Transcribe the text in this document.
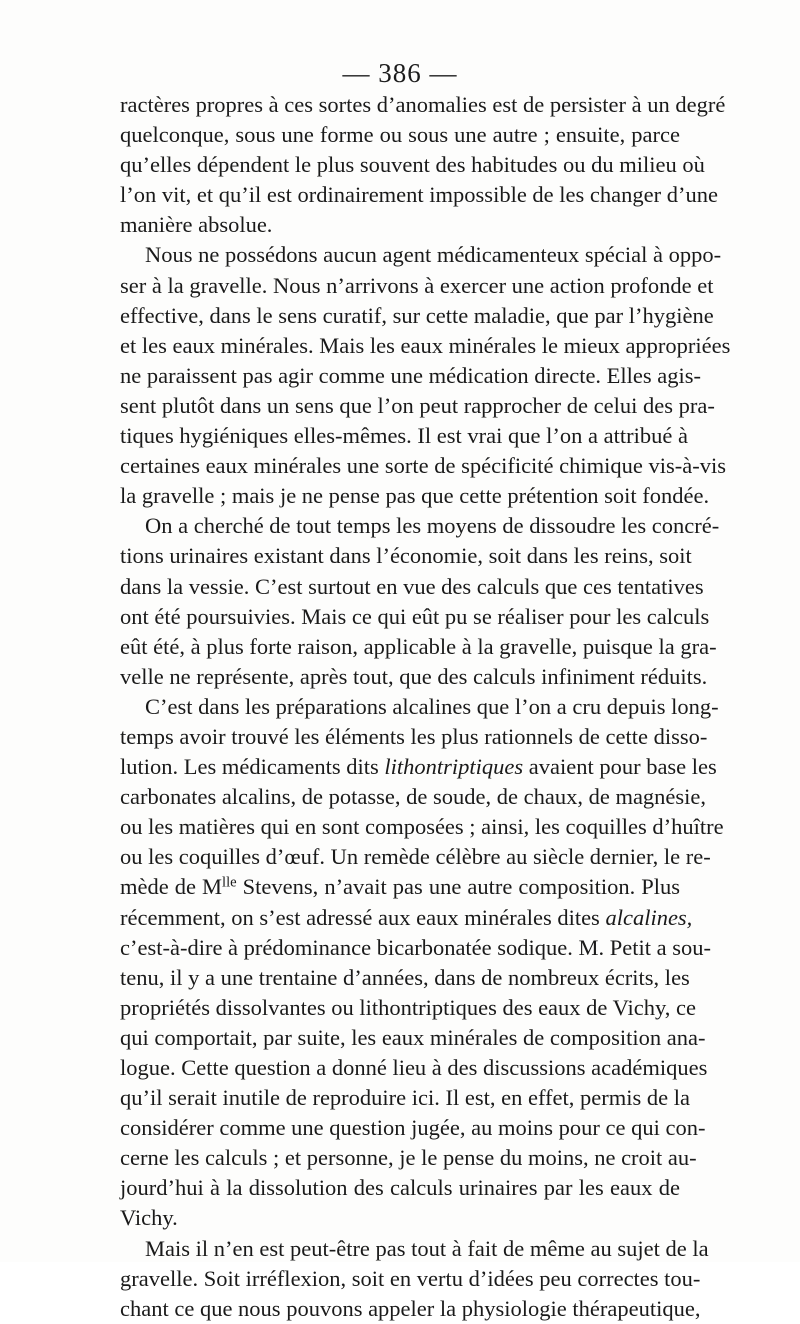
— 386 —
ractères propres à ces sortes d’anomalies est de persister à un degré
quelconque, sous une forme ou sous une autre ; ensuite, parce
qu’elles dépendent le plus souvent des habitudes ou du milieu où
l’on vit, et qu’il est ordinairement impossible de les changer d’une
manière absolue.
Nous ne possédons aucun agent médicamenteux spécial à oppo-
ser à la gravelle. Nous n’arrivons à exercer une action profonde et
effective, dans le sens curatif, sur cette maladie, que par l’hygiène
et les eaux minérales. Mais les eaux minérales le mieux appropriées
ne paraissent pas agir comme une médication directe. Elles agis-
sent plutôt dans un sens que l’on peut rapprocher de celui des pra-
tiques hygiéniques elles-mêmes. Il est vrai que l’on a attribué à
certaines eaux minérales une sorte de spécificité chimique vis-à-vis
la gravelle ; mais je ne pense pas que cette prétention soit fondée.
On a cherché de tout temps les moyens de dissoudre les concré-
tions urinaires existant dans l’économie, soit dans les reins, soit
dans la vessie. C’est surtout en vue des calculs que ces tentatives
ont été poursuivies. Mais ce qui eût pu se réaliser pour les calculs
eût été, à plus forte raison, applicable à la gravelle, puisque la gra-
velle ne représente, après tout, que des calculs infiniment réduits.
C’est dans les préparations alcalines que l’on a cru depuis long-
temps avoir trouvé les éléments les plus rationnels de cette disso-
lution. Les médicaments dits lithontriptiques avaient pour base les
carbonates alcalins, de potasse, de soude, de chaux, de magnésie,
ou les matières qui en sont composées ; ainsi, les coquilles d’huître
ou les coquilles d’œuf. Un remède célèbre au siècle dernier, le re-
mède de $M^{lle}$ Stevens, n’avait pas une autre composition. Plus
récemment, on s’est adressé aux eaux minérales dites alcalines,
c’est-à-dire à prédominance bicarbonatée sodique. M. Petit a sou-
tenu, il y a une trentaine d’années, dans de nombreux écrits, les
propriétés dissolvantes ou lithontriptiques des eaux de Vichy, ce
qui comportait, par suite, les eaux minérales de composition ana-
logue. Cette question a donné lieu à des discussions académiques
qu’il serait inutile de reproduire ici. Il est, en effet, permis de la
considérer comme une question jugée, au moins pour ce qui con-
cerne les calculs ; et personne, je le pense du moins, ne croit au-
jourd’hui à la dissolution des calculs urinaires par les eaux de
Vichy.
Mais il n’en est peut-être pas tout à fait de même au sujet de la
gravelle. Soit irréflexion, soit en vertu d’idées peu correctes tou-
chant ce que nous pouvons appeler la physiologie thérapeutique,
